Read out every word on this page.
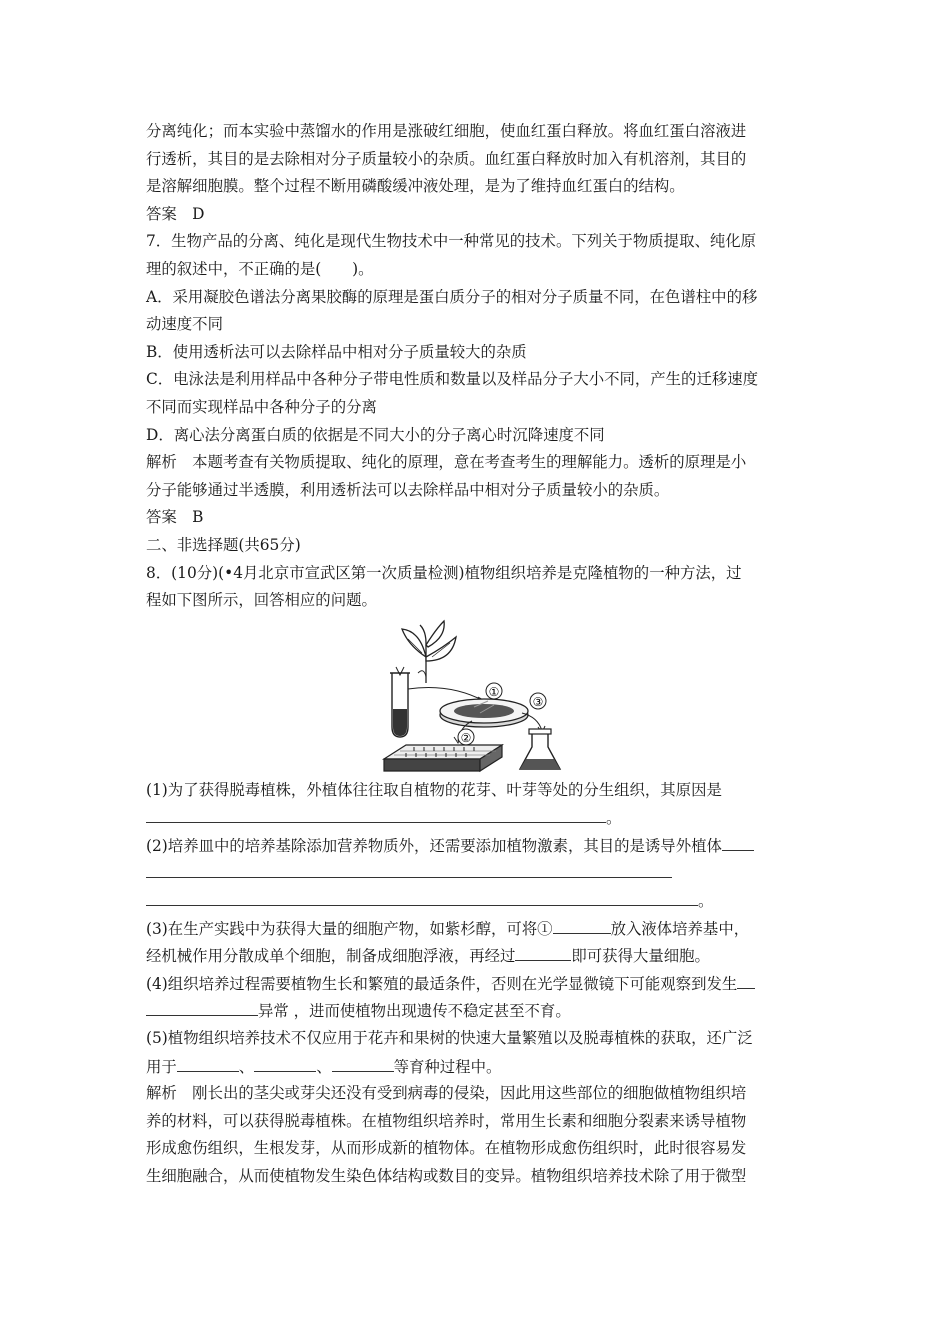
分离纯化；而本实验中蒸馏水的作用是涨破红细胞，使血红蛋白释放。将血红蛋白溶液进
行透析，其目的是去除相对分子质量较小的杂质。血红蛋白释放时加入有机溶剂，其目的
是溶解细胞膜。整个过程不断用磷酸缓冲液处理，是为了维持血红蛋白的结构。
答案　D
7．生物产品的分离、纯化是现代生物技术中一种常见的技术。下列关于物质提取、纯化原
理的叙述中，不正确的是(　　)。
A．采用凝胶色谱法分离果胶酶的原理是蛋白质分子的相对分子质量不同，在色谱柱中的移
动速度不同
B．使用透析法可以去除样品中相对分子质量较大的杂质
C．电泳法是利用样品中各种分子带电性质和数量以及样品分子大小不同，产生的迁移速度
不同而实现样品中各种分子的分离
D．离心法分离蛋白质的依据是不同大小的分子离心时沉降速度不同
解析　本题考查有关物质提取、纯化的原理，意在考查考生的理解能力。透析的原理是小
分子能够通过半透膜，利用透析法可以去除样品中相对分子质量较小的杂质。
答案　B
二、非选择题(共65分)
8．(10分)(•4月北京市宣武区第一次质量检测)植物组织培养是克隆植物的一种方法，过
程如下图所示，回答相应的问题。
①
③
②
(1)为了获得脱毒植株，外植体往往取自植物的花芽、叶芽等处的分生组织，其原因是
。
(2)培养皿中的培养基除添加营养物质外，还需要添加植物激素，其目的是诱导外植体
。
(3)在生产实践中为获得大量的细胞产物，如紫杉醇，可将①	放入液体培养基中，
经机械作用分散成单个细胞，制备成细胞浮液，再经过	即可获得大量细胞。
(4)组织培养过程需要植物生长和繁殖的最适条件，否则在光学显微镜下可能观察到发生
异常 ，进而使植物出现遗传不稳定甚至不育。
(5)植物组织培养技术不仅应用于花卉和果树的快速大量繁殖以及脱毒植株的获取，还广泛
用于	、	、	等育种过程中。
解析　刚长出的茎尖或芽尖还没有受到病毒的侵染，因此用这些部位的细胞做植物组织培
养的材料，可以获得脱毒植株。在植物组织培养时，常用生长素和细胞分裂素来诱导植物
形成愈伤组织，生根发芽，从而形成新的植物体。在植物形成愈伤组织时，此时很容易发
生细胞融合，从而使植物发生染色体结构或数目的变异。植物组织培养技术除了用于微型
